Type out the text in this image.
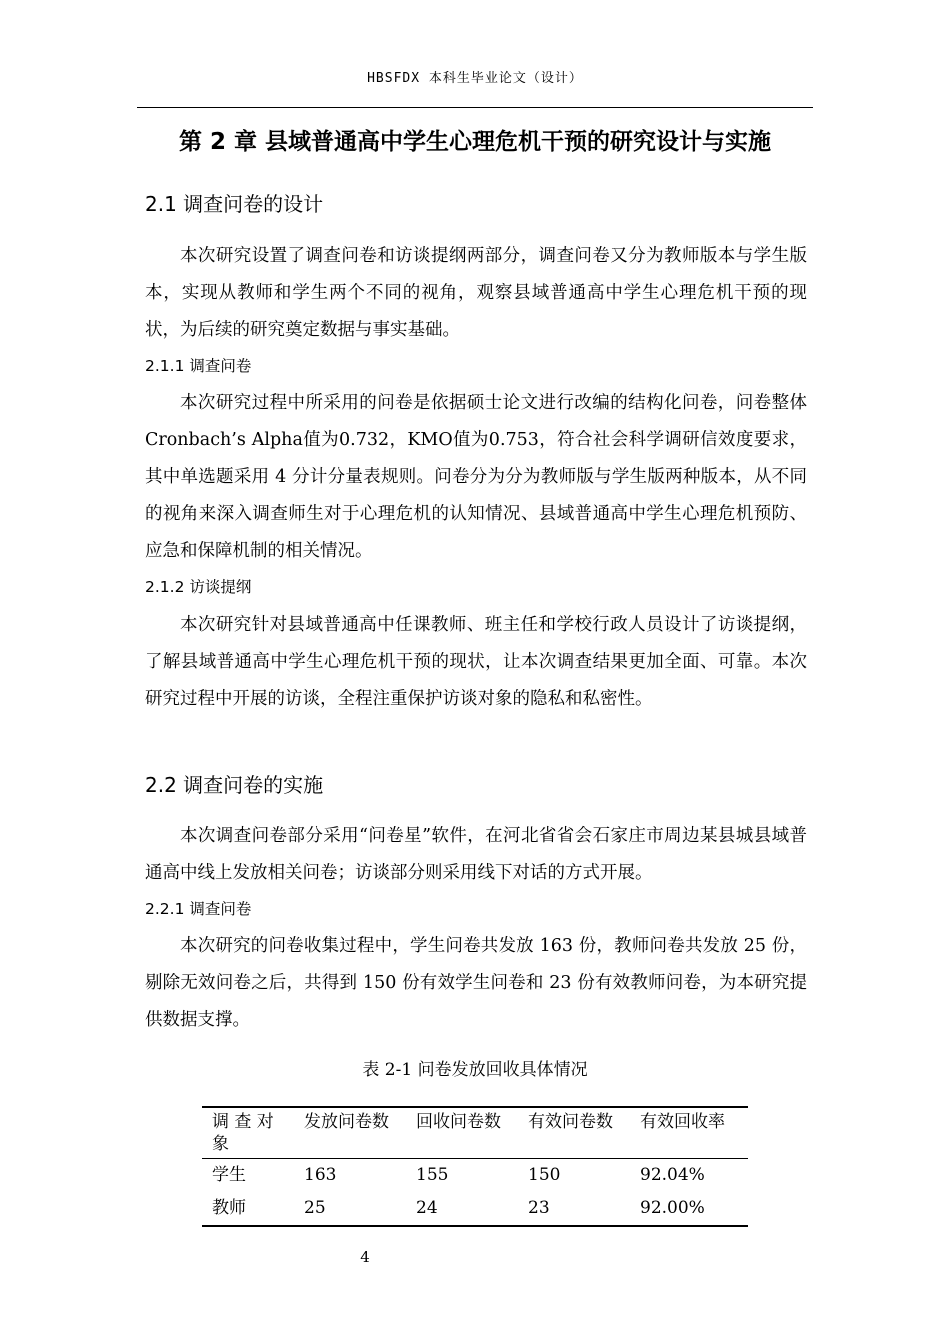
HBSFDX 本科生毕业论文（设计）
第 2 章 县域普通高中学生心理危机干预的研究设计与实施
2.1 调查问卷的设计

本次研究设置了调查问卷和访谈提纲两部分，调查问卷又分为教师版本与学生版本，实现从教师和学生两个不同的视角，观察县域普通高中学生心理危机干预的现状，为后续的研究奠定数据与事实基础。

2.1.1 调查问卷

本次研究过程中所采用的问卷是依据硕士论文进行改编的结构化问卷，问卷整体Cronbach’s Alpha值为0.732，KMO值为0.753，符合社会科学调研信效度要求，其中单选题采用 4 分计分量表规则。问卷分为分为教师版与学生版两种版本，从不同的视角来深入调查师生对于心理危机的认知情况、县域普通高中学生心理危机预防、应急和保障机制的相关情况。

2.1.2 访谈提纲

本次研究针对县域普通高中任课教师、班主任和学校行政人员设计了访谈提纲，了解县域普通高中学生心理危机干预的现状，让本次调查结果更加全面、可靠。本次研究过程中开展的访谈，全程注重保护访谈对象的隐私和私密性。

2.2 调查问卷的实施

本次调查问卷部分采用“问卷星”软件，在河北省省会石家庄市周边某县城县域普通高中线上发放相关问卷；访谈部分则采用线下对话的方式开展。

2.2.1 调查问卷

本次研究的问卷收集过程中，学生问卷共发放 163 份，教师问卷共发放 25 份，剔除无效问卷之后，共得到 150 份有效学生问卷和 23 份有效教师问卷，为本研究提供数据支撑。

表 2-1 问卷发放回收具体情况
调 查 对 象	发放问卷数	回收问卷数	有效问卷数	有效回收率
学生	163	155	150	92.04%
教师	25	24	23	92.00%
4
